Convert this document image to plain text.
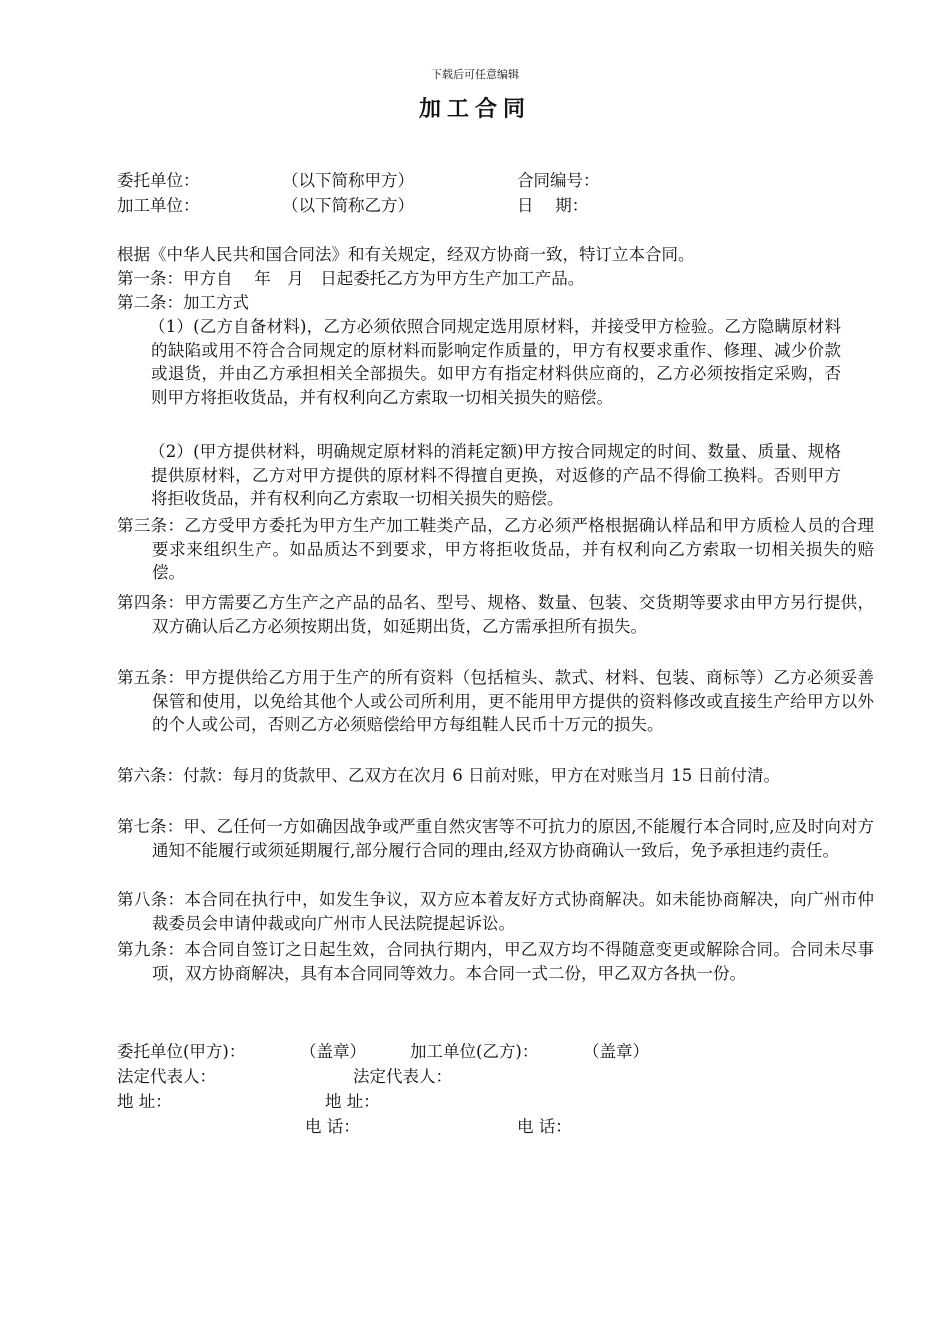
下载后可任意编辑
加工合同
委托单位：	（以下简称甲方）	合同编号：
加工单位：	（以下简称乙方）	日　 期：
根据《中华人民共和国合同法》和有关规定，经双方协商一致，特订立本合同。
第一条：甲方自　 年　月　日起委托乙方为甲方生产加工产品。
第二条：加工方式
（1）(乙方自备材料)，乙方必须依照合同规定选用原材料，并接受甲方检验。乙方隐瞒原材料的缺陷或用不符合合同规定的原材料而影响定作质量的，甲方有权要求重作、修理、减少价款或退货，并由乙方承担相关全部损失。如甲方有指定材料供应商的，乙方必须按指定采购，否则甲方将拒收货品，并有权利向乙方索取一切相关损失的赔偿。
（2）(甲方提供材料，明确规定原材料的消耗定额)甲方按合同规定的时间、数量、质量、规格提供原材料，乙方对甲方提供的原材料不得擅自更换，对返修的产品不得偷工换料。否则甲方将拒收货品，并有权利向乙方索取一切相关损失的赔偿。
第三条：乙方受甲方委托为甲方生产加工鞋类产品，乙方必须严格根据确认样品和甲方质检人员的合理要求来组织生产。如品质达不到要求，甲方将拒收货品，并有权利向乙方索取一切相关损失的赔偿。
第四条：甲方需要乙方生产之产品的品名、型号、规格、数量、包装、交货期等要求由甲方另行提供，双方确认后乙方必须按期出货，如延期出货，乙方需承担所有损失。
第五条：甲方提供给乙方用于生产的所有资料（包括楦头、款式、材料、包装、商标等）乙方必须妥善保管和使用，以免给其他个人或公司所利用，更不能用甲方提供的资料修改或直接生产给甲方以外的个人或公司，否则乙方必须赔偿给甲方每组鞋人民币十万元的损失。
第六条：付款：每月的货款甲、乙双方在次月 6 日前对账，甲方在对账当月 15 日前付清。
第七条：甲、乙任何一方如确因战争或严重自然灾害等不可抗力的原因,不能履行本合同时,应及时向对方通知不能履行或须延期履行,部分履行合同的理由,经双方协商确认一致后，免予承担违约责任。
第八条：本合同在执行中，如发生争议，双方应本着友好方式协商解决。如未能协商解决，向广州市仲裁委员会申请仲裁或向广州市人民法院提起诉讼。
第九条：本合同自签订之日起生效，合同执行期内，甲乙双方均不得随意变更或解除合同。合同未尽事项，双方协商解决，具有本合同同等效力。本合同一式二份，甲乙双方各执一份。
委托单位(甲方)：	（盖章）	加工单位(乙方)：	（盖章）
法定代表人：	法定代表人：
地 址：	地 址：
电 话：	电 话：
